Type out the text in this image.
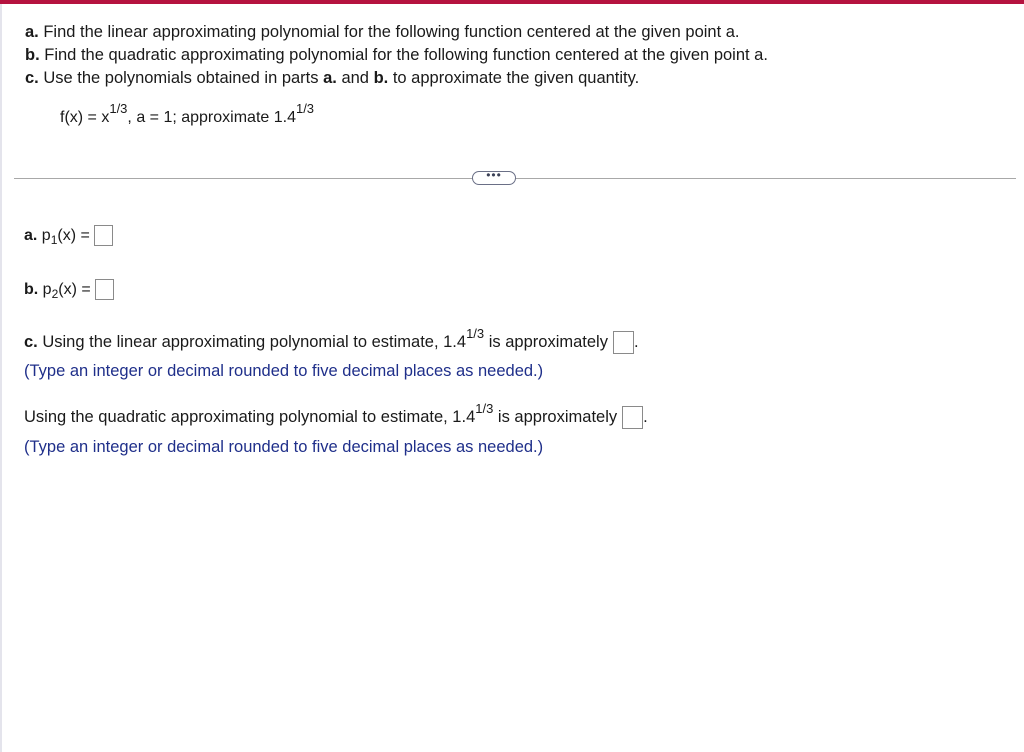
a. Find the linear approximating polynomial for the following function centered at the given point a.
b. Find the quadratic approximating polynomial for the following function centered at the given point a.
c. Use the polynomials obtained in parts a. and b. to approximate the given quantity.
$f(x) = x^{1/3}$, a = 1; approximate $1.4^{1/3}$
•••
a. $p_1(x)$ =
b. $p_2(x)$ =
c. Using the linear approximating polynomial to estimate, $1.4^{1/3}$ is approximately .
(Type an integer or decimal rounded to five decimal places as needed.)
Using the quadratic approximating polynomial to estimate, $1.4^{1/3}$ is approximately .
(Type an integer or decimal rounded to five decimal places as needed.)
